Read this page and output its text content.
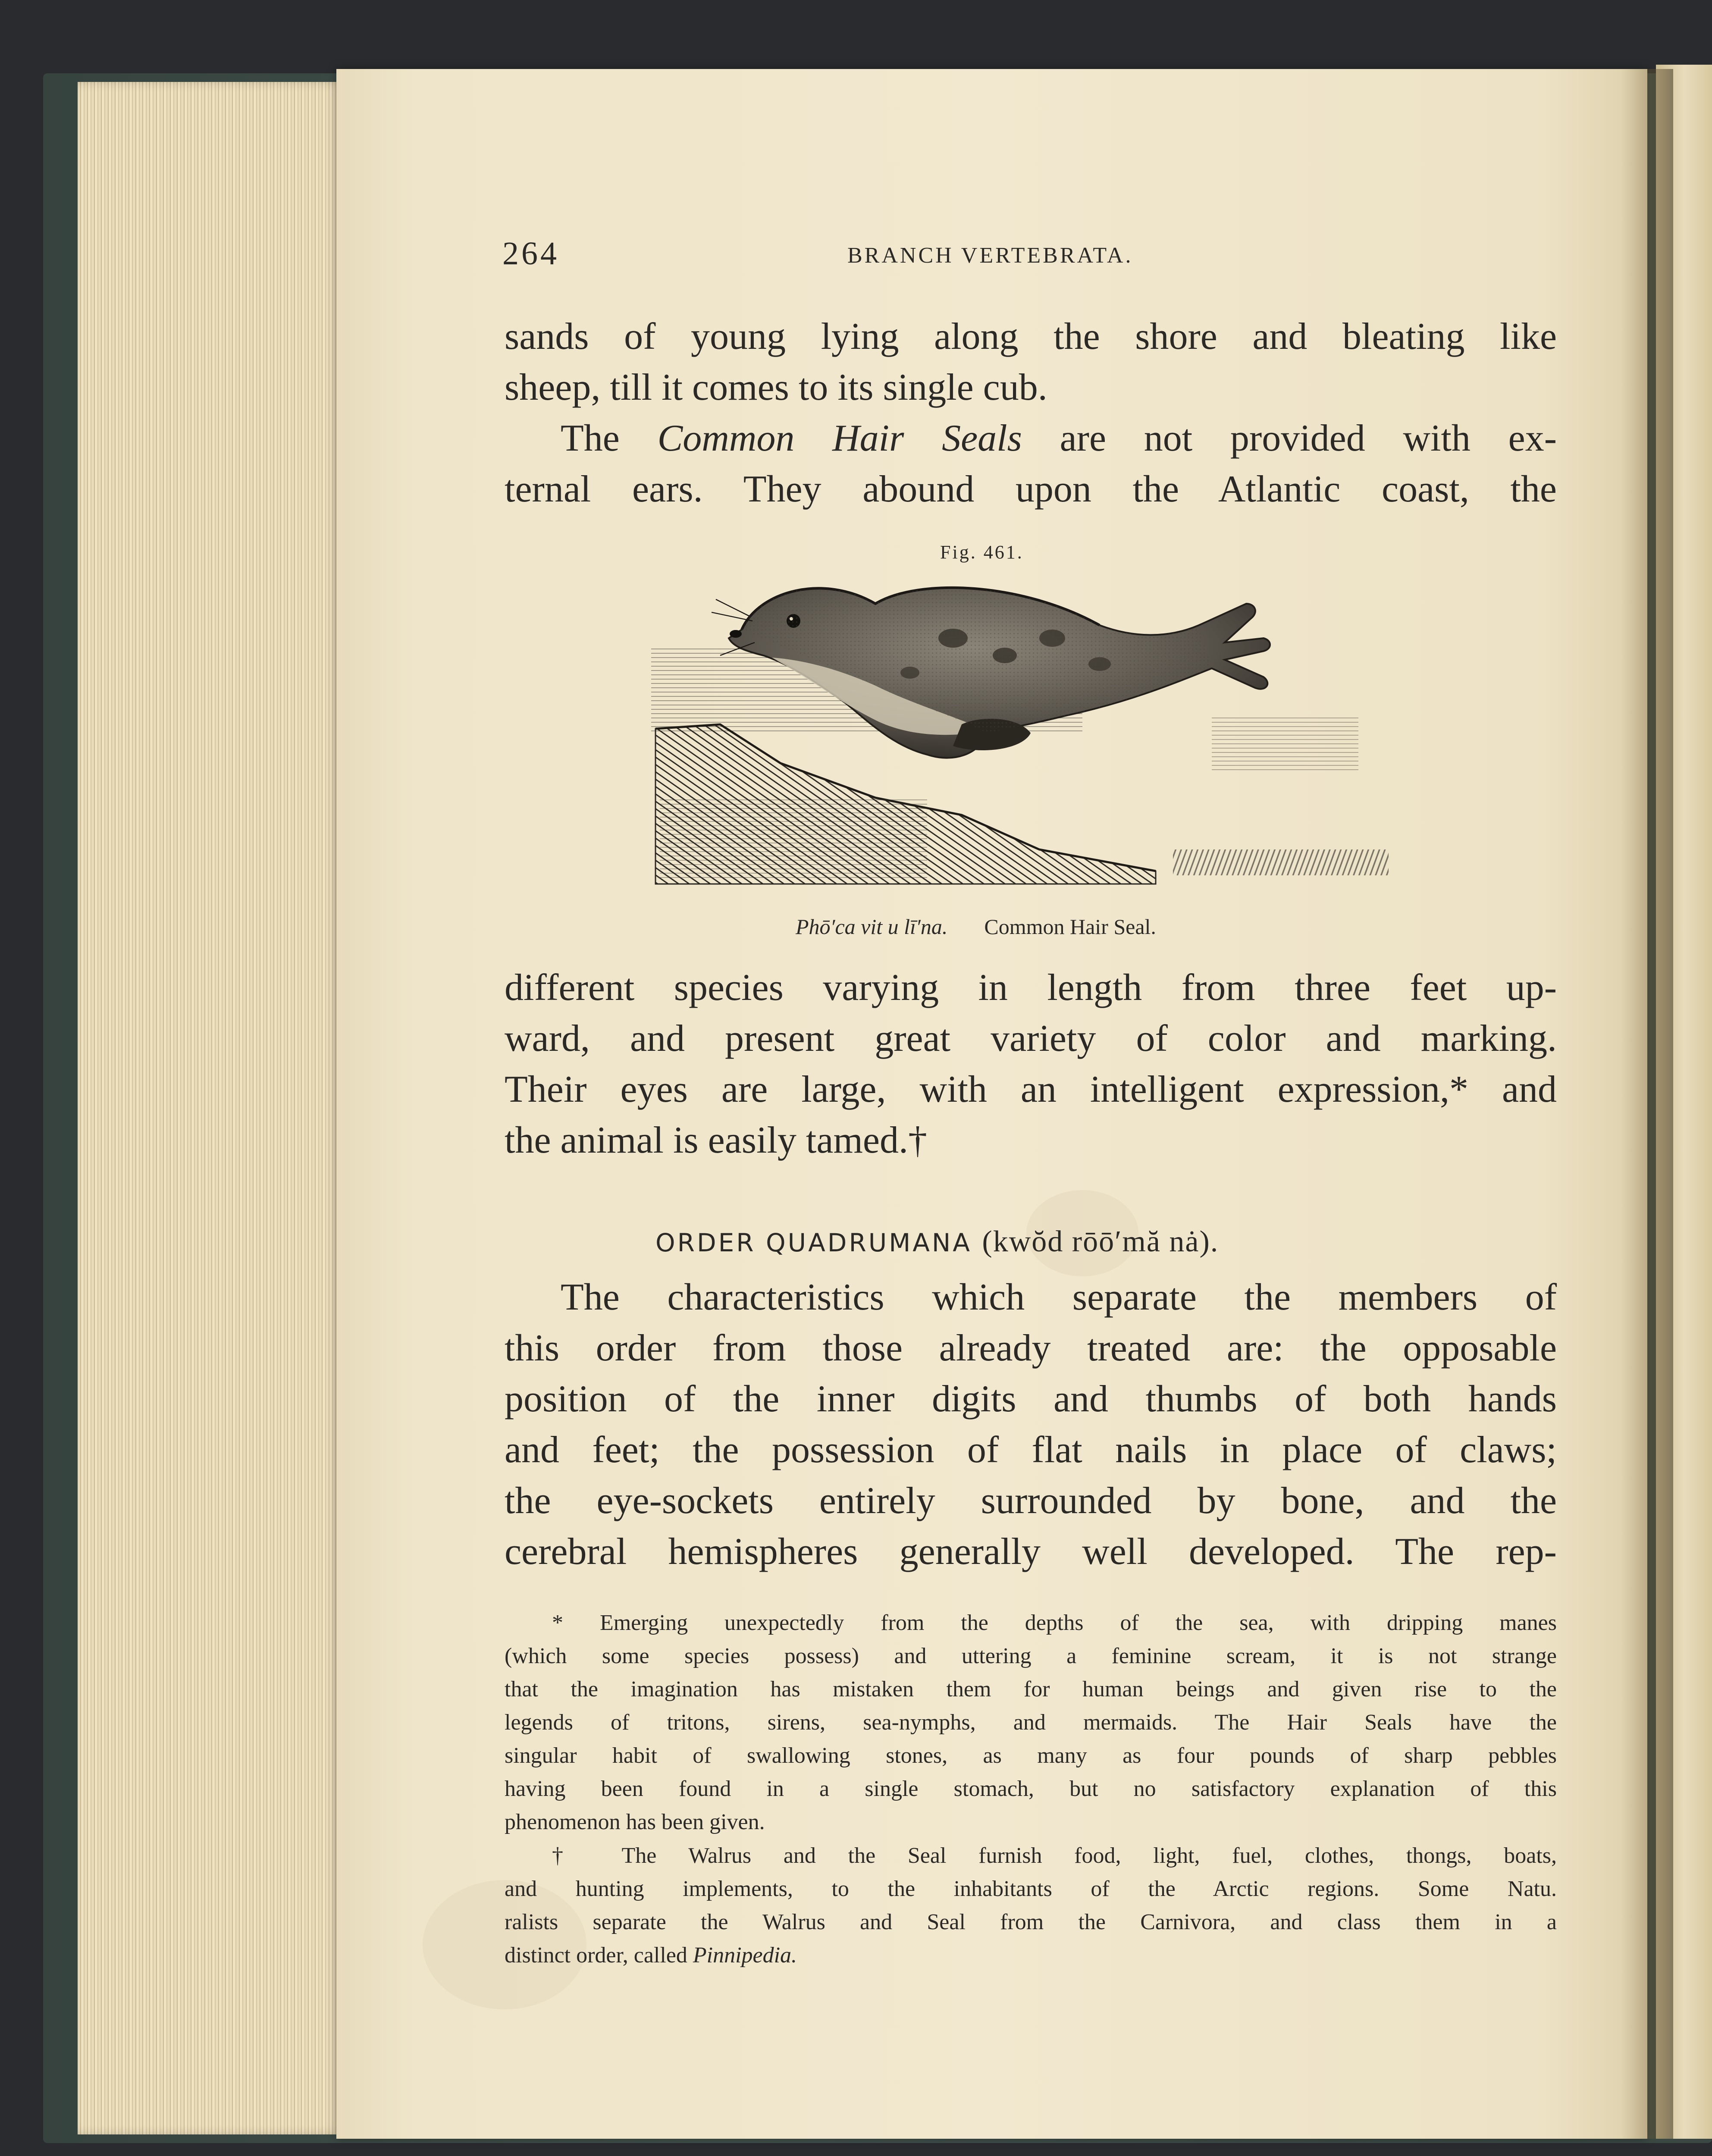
264	BRANCH VERTEBRATA.

sands of young lying along the shore and bleating like
sheep, till it comes to its single cub.

The Common Hair Seals are not provided with ex-
ternal ears. They abound upon the Atlantic coast, the

Fig. 461.
Phō′ca vit u lī′na. Common Hair Seal.

different species varying in length from three feet up-
ward, and present great variety of color and marking.
Their eyes are large, with an intelligent expression,* and
the animal is easily tamed.†

ORDER QUADRUMANA (kwŏd rōō′mă nȧ).

The characteristics which separate the members of
this order from those already treated are: the opposable
position of the inner digits and thumbs of both hands
and feet; the possession of flat nails in place of claws;
the eye-sockets entirely surrounded by bone, and the
cerebral hemispheres generally well developed. The rep-

* Emerging unexpectedly from the depths of the sea, with dripping manes
(which some species possess) and uttering a feminine scream, it is not strange
that the imagination has mistaken them for human beings and given rise to the
legends of tritons, sirens, sea-nymphs, and mermaids. The Hair Seals have the
singular habit of swallowing stones, as many as four pounds of sharp pebbles
having been found in a single stomach, but no satisfactory explanation of this
phenomenon has been given.
† The Walrus and the Seal furnish food, light, fuel, clothes, thongs, boats,
and hunting implements, to the inhabitants of the Arctic regions. Some Natu.
ralists separate the Walrus and Seal from the Carnivora, and class them in a
distinct order, called Pinnipedia.
